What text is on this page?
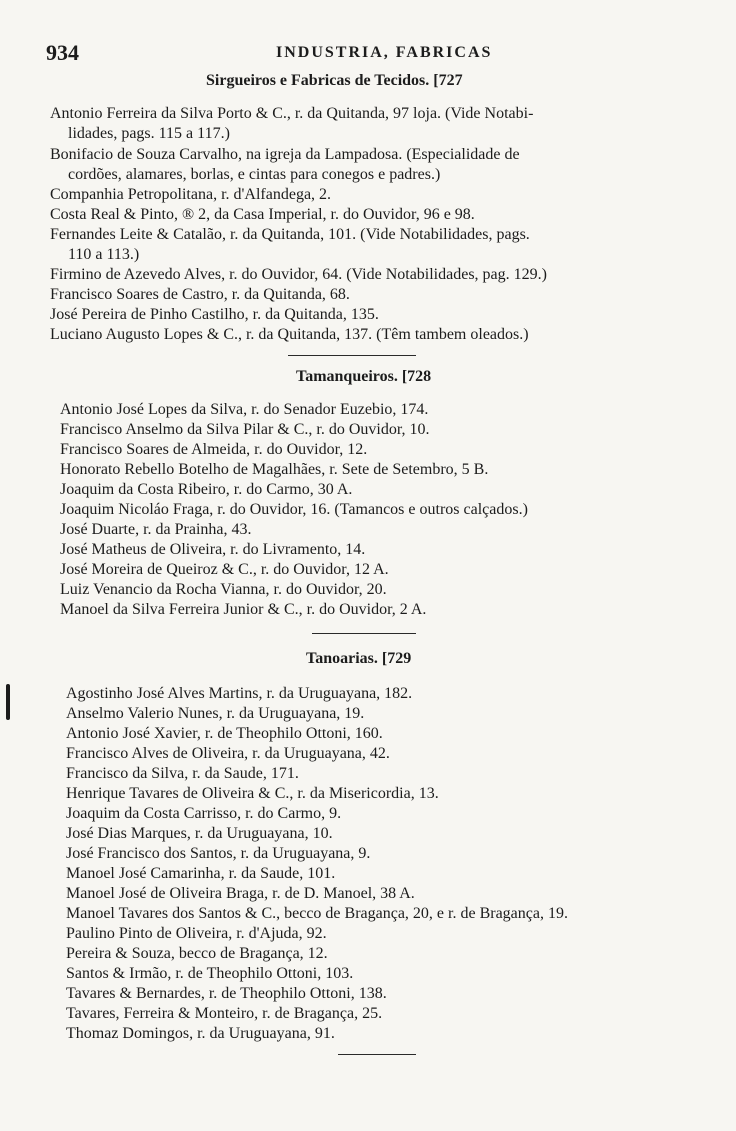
934	INDUSTRIA, FABRICAS
Sirgueiros e Fabricas de Tecidos. [727
Antonio Ferreira da Silva Porto & C., r. da Quitanda, 97 loja. (Vide Notabi-
lidades, pags. 115 a 117.)
Bonifacio de Souza Carvalho, na igreja da Lampadosa. (Especialidade de
cordões, alamares, borlas, e cintas para conegos e padres.)
Companhia Petropolitana, r. d'Alfandega, 2.
Costa Real & Pinto, ® 2, da Casa Imperial, r. do Ouvidor, 96 e 98.
Fernandes Leite & Catalão, r. da Quitanda, 101. (Vide Notabilidades, pags.
110 a 113.)
Firmino de Azevedo Alves, r. do Ouvidor, 64. (Vide Notabilidades, pag. 129.)
Francisco Soares de Castro, r. da Quitanda, 68.
José Pereira de Pinho Castilho, r. da Quitanda, 135.
Luciano Augusto Lopes & C., r. da Quitanda, 137. (Têm tambem oleados.)
Tamanqueiros. [728
Antonio José Lopes da Silva, r. do Senador Euzebio, 174.
Francisco Anselmo da Silva Pilar & C., r. do Ouvidor, 10.
Francisco Soares de Almeida, r. do Ouvidor, 12.
Honorato Rebello Botelho de Magalhães, r. Sete de Setembro, 5 B.
Joaquim da Costa Ribeiro, r. do Carmo, 30 A.
Joaquim Nicoláo Fraga, r. do Ouvidor, 16. (Tamancos e outros calçados.)
José Duarte, r. da Prainha, 43.
José Matheus de Oliveira, r. do Livramento, 14.
José Moreira de Queiroz & C., r. do Ouvidor, 12 A.
Luiz Venancio da Rocha Vianna, r. do Ouvidor, 20.
Manoel da Silva Ferreira Junior & C., r. do Ouvidor, 2 A.
Tanoarias. [729
Agostinho José Alves Martins, r. da Uruguayana, 182.
Anselmo Valerio Nunes, r. da Uruguayana, 19.
Antonio José Xavier, r. de Theophilo Ottoni, 160.
Francisco Alves de Oliveira, r. da Uruguayana, 42.
Francisco da Silva, r. da Saude, 171.
Henrique Tavares de Oliveira & C., r. da Misericordia, 13.
Joaquim da Costa Carrisso, r. do Carmo, 9.
José Dias Marques, r. da Uruguayana, 10.
José Francisco dos Santos, r. da Uruguayana, 9.
Manoel José Camarinha, r. da Saude, 101.
Manoel José de Oliveira Braga, r. de D. Manoel, 38 A.
Manoel Tavares dos Santos & C., becco de Bragança, 20, e r. de Bragança, 19.
Paulino Pinto de Oliveira, r. d'Ajuda, 92.
Pereira & Souza, becco de Bragança, 12.
Santos & Irmão, r. de Theophilo Ottoni, 103.
Tavares & Bernardes, r. de Theophilo Ottoni, 138.
Tavares, Ferreira & Monteiro, r. de Bragança, 25.
Thomaz Domingos, r. da Uruguayana, 91.
